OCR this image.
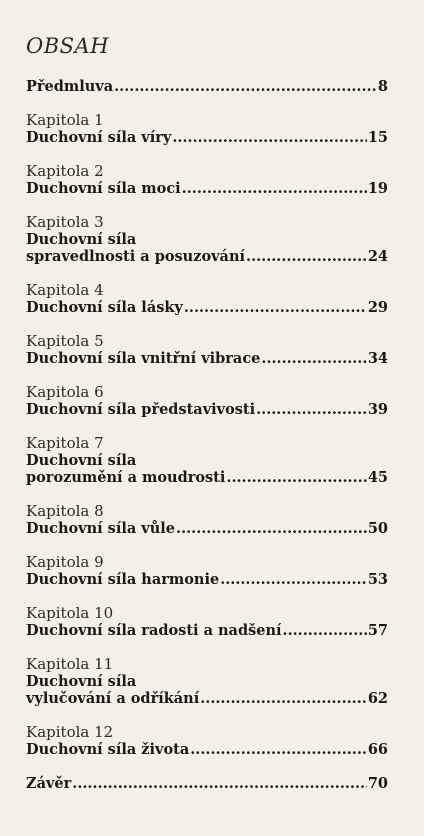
OBSAH
Předmluva .....	8
Kapitola 1
Duchovní síla víry .....	15
Kapitola 2
Duchovní síla moci .....	19
Kapitola 3
Duchovní síla
spravedlnosti a posuzování .....	24
Kapitola 4
Duchovní síla lásky .....	29
Kapitola 5
Duchovní síla vnitřní vibrace .....	34
Kapitola 6
Duchovní síla představivosti .....	39
Kapitola 7
Duchovní síla
porozumění a moudrosti .....	45
Kapitola 8
Duchovní síla vůle .....	50
Kapitola 9
Duchovní síla harmonie .....	53
Kapitola 10
Duchovní síla radosti a nadšení .....	57
Kapitola 11
Duchovní síla
vylučování a odříkání .....	62
Kapitola 12
Duchovní síla života .....	66
Závěr .....	70
